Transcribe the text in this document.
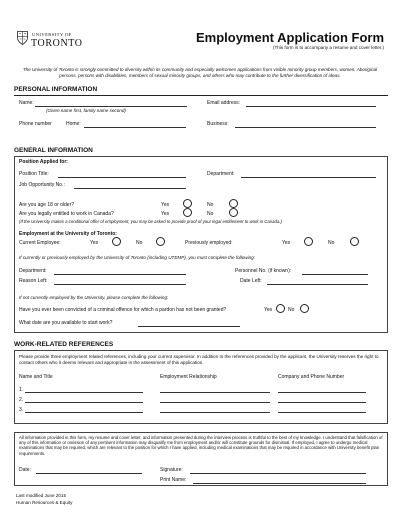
UNIVERSITY OF
TORONTO	Employment Application Form
(This form is to accompany a resume and cover letter.)
The University of Toronto is strongly committed to diversity within its community and especially welcomes applications from visible minority group members, women, Aboriginal persons, persons with disabilities, members of sexual minority groups, and others who may contribute to the further diversification of ideas.
PERSONAL INFORMATION
Name:
(Given name first, family name second)
Email address:
Phone number	Home:	Business:
GENERAL INFORMATION
Position Applied for:
Position Title:	Department:
Job Opportunity No.:
Are you age 18 or older?	Yes	No
Are you legally entitled to work in Canada?	Yes	No
(If the University makes a conditional offer of employment, you may be asked to provide proof of your legal entitlement to work in Canada.)
Employment at the University of Toronto:
Current Employee:	Yes	No	Previously employed:	Yes	No
If currently or previously employed by the University of Toronto (including UTEMP), you must complete the following:
Department:	Personnel No. (if known):
Reason Left:	Date Left:
If not currently employed by the University, please complete the following:
Have you ever been convicted of a criminal offence for which a pardon has not been granted?	Yes	No
What date are you available to start work?
WORK-RELATED REFERENCES
Please provide three employment related references, including your current supervisor. In addition to the references provided by the applicant, the University reserves the right to contact others who it deems relevant and appropriate in the assessment of this application.
Name and Title	Employment Relationship	Company and Phone Number
1.
2.
3.
All information provided in this form, my resume and cover letter, and information presented during the interview process is truthful to the best of my knowledge. I understand that falsification of any of this information or omission of any pertinent information may disqualify me from employment and/or will constitute grounds for dismissal. If employed, I agree to undergo medical examinations that may be required, which are relevant to the position for which I have applied, including medical examinations that may be required in accordance with University benefit plan requirements.
Date:	Signature:
Print Name:
Last modified June 2015
Human Resources & Equity
